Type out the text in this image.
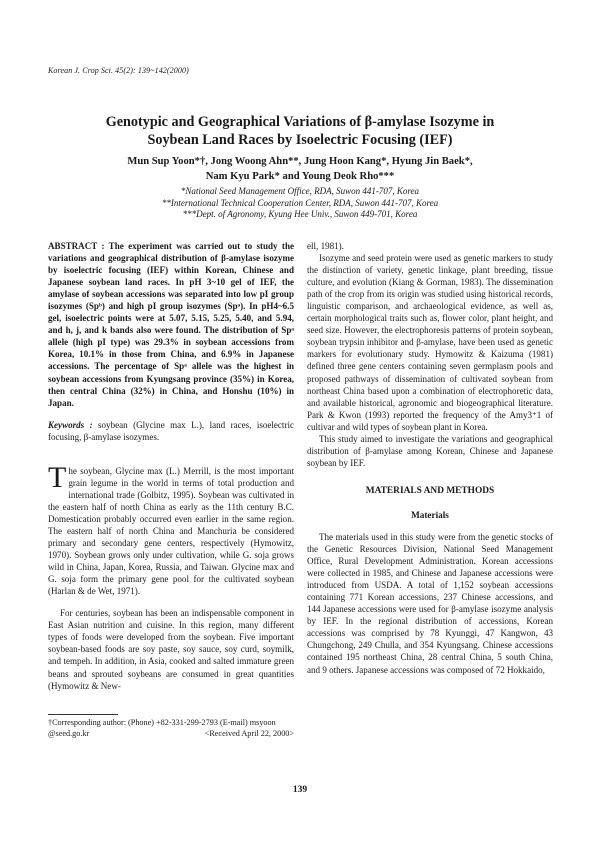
Korean J. Crop Sci. 45(2): 139~142(2000)
Genotypic and Geographical Variations of β-amylase Isozyme in
Soybean Land Races by Isoelectric Focusing (IEF)
Mun Sup Yoon*†, Jong Woong Ahn**, Jung Hoon Kang*, Hyung Jin Baek*,
Nam Kyu Park* and Young Deok Rho***
*National Seed Management Office, RDA, Suwon 441-707, Korea
**International Technical Cooperation Center, RDA, Suwon 441-707, Korea
***Dept. of Agronomy, Kyung Hee Univ., Suwon 449-701, Korea

ABSTRACT : The experiment was carried out to study the variations and geographical distribution of β-amylase isozyme by isoelectric focusing (IEF) within Korean, Chinese and Japanese soybean land races. In pH 3~10 gel of IEF, the amylase of soybean accessions was separated into low pI group isozymes (Spᵇ) and high pI group isozymes (Spᵃ). In pH4~6.5 gel, isoelectric points were at 5.07, 5.15, 5.25, 5.40, and 5.94, and h, j, and k bands also were found. The distribution of Spᵃ allele (high pI type) was 29.3% in soybean accessions from Korea, 10.1% in those from China, and 6.9% in Japanese accessions. The percentage of Spᵃ allele was the highest in soybean accessions from Kyungsang province (35%) in Korea, then central China (32%) in China, and Honshu (10%) in Japan.

Keywords : soybean (Glycine max L.), land races, isoelectric focusing, β-amylase isozymes.

The soybean, Glycine max (L.) Merrill, is the most important grain legume in the world in terms of total production and international trade (Golbitz, 1995). Soybean was cultivated in the eastern half of north China as early as the 11th century B.C. Domestication probably occurred even earlier in the same region. The eastern half of north China and Manchuria be considered primary and secondary gene centers, respectively (Hymowitz, 1970). Soybean grows only under cultivation, while G. soja grows wild in China, Japan, Korea, Russia, and Taiwan. Glycine max and G. soja form the primary gene pool for the cultivated soybean (Harlan & de Wet, 1971).

For centuries, soybean has been an indispensable component in East Asian nutrition and cuisine. In this region, many different types of foods were developed from the soybean. Five important soybean-based foods are soy paste, soy sauce, soy curd, soymilk, and tempeh. In addition, in Asia, cooked and salted immature green beans and sprouted soybeans are consumed in great quantities (Hymowitz & New-

ell, 1981).

Isozyme and seed protein were used as genetic markers to study the distinction of variety, genetic linkage, plant breeding, tissue culture, and evolution (Kiang & Gorman, 1983). The dissemination path of the crop from its origin was studied using historical records, linguistic comparison, and archaeological evidence, as well as, certain morphological traits such as, flower color, plant height, and seed size. However, the electrophoresis patterns of protein soybean, soybean trypsin inhibitor and β-amylase, have been used as genetic markers for evolutionary study. Hymowitz & Kaizuma (1981) defined three gene centers containing seven germplasm pools and proposed pathways of dissemination of cultivated soybean from northeast China based upon a combination of electrophoretic data, and available historical, agronomic and biogeographical literature. Park & Kwon (1993) reported the frequency of the Amy3⁺1 of cultivar and wild types of soybean plant in Korea.

This study aimed to investigate the variations and geographical distribution of β-amylase among Korean, Chinese and Japanese soybean by IEF.

MATERIALS AND METHODS
Materials

The materials used in this study were from the genetic stocks of the Genetic Resources Division, National Seed Management Office, Rural Development Administration. Korean accessions were collected in 1985, and Chinese and Japanese accessions were introduced from USDA. A total of 1,152 soybean accessions containing 771 Korean accessions, 237 Chinese accessions, and 144 Japanese accessions were used for β-amylase isozyme analysis by IEF. In the regional distribution of accessions, Korean accessions was comprised by 78 Kyunggi, 47 Kangwon, 43 Chungchong, 249 Chulla, and 354 Kyungsang. Chinese accessions contained 195 northeast China, 28 central China, 5 south China, and 9 others. Japanese accessions was composed of 72 Hokkaido,

†Corresponding author: (Phone) +82-331-299-2793 (E-mail) msyoon
@seed.go.kr	<Received April 22, 2000>
139
